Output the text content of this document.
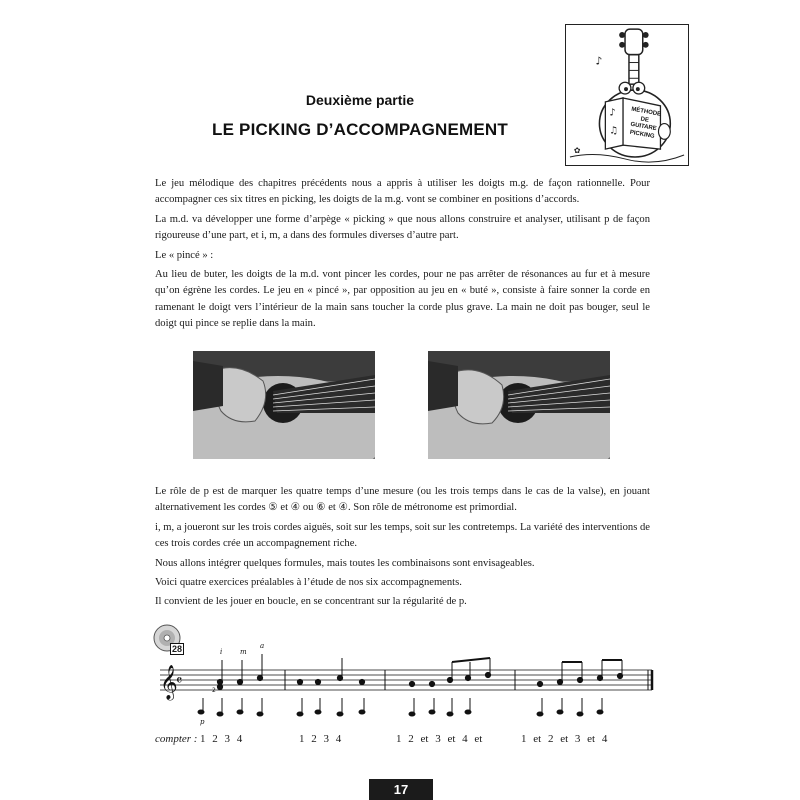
Deuxième partie
LE PICKING D’ACCOMPAGNEMENT
♪
♫
♪
✿
MÉTHODE
DE
GUITARE
PICKING

Le jeu mélodique des chapitres précédents nous a appris à utiliser les doigts m.g. de façon rationnelle. Pour accompagner ces six titres en picking, les doigts de la m.g. vont se combiner en positions d’accords.

La m.d. va développer une forme d’arpège « picking » que nous allons construire et analyser, utilisant p de façon rigoureuse d’une part, et i, m, a dans des formules diverses d’autre part.

Le « pincé » :

Au lieu de buter, les doigts de la m.d. vont pincer les cordes, pour ne pas arrêter de résonances au fur et à mesure qu’on égrène les cordes. Le jeu en « pincé », par opposition au jeu en « buté », consiste à faire sonner la corde en ramenant le doigt vers l’intérieur de la main sans toucher la corde plus grave. La main ne doit pas bouger, seul le doigt qui pince se replie dans la main.

Le rôle de p est de marquer les quatre temps d’une mesure (ou les trois temps dans le cas de la valse), en jouant alternativement les cordes ⑤ et ④ ou ⑥ et ④. Son rôle de métronome est primordial.

i, m, a joueront sur les trois cordes aiguës, soit sur les temps, soit sur les contretemps. La variété des interventions de ces trois cordes crée un accompagnement riche.

Nous allons intégrer quelques formules, mais toutes les combinaisons sont envisageables.

Voici quatre exercices préalables à l’étude de nos six accompagnements.

Il convient de les jouer en boucle, en se concentrant sur la régularité de p.

28
𝄞
𝄴
i	m
a
p
2
compter : 1 2 3 4	1 2 3 4	1 2 et 3 et 4 et	1 et 2 et 3 et 4
17
